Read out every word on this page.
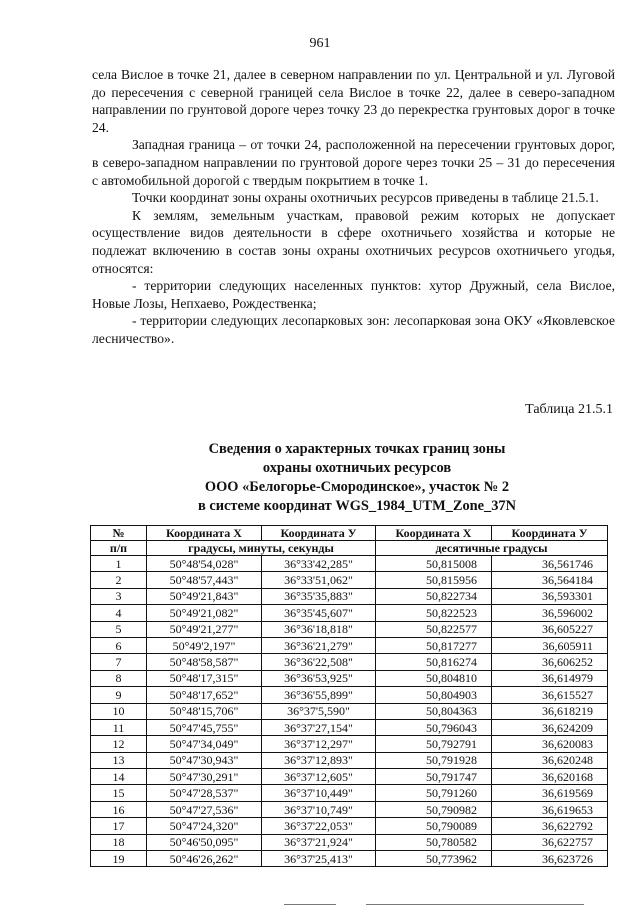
961

села Вислое в точке 21, далее в северном направлении по ул. Центральной и ул. Луговой до пересечения с северной границей села Вислое в точке 22, далее в северо-западном направлении по грунтовой дороге через точку 23 до перекрестка грунтовых дорог в точке 24.

Западная граница – от точки 24, расположенной на пересечении грунтовых дорог, в северо-западном направлении по грунтовой дороге через точки 25 – 31 до пересечения с автомобильной дорогой с твердым покрытием в точке 1.

Точки координат зоны охраны охотничьих ресурсов приведены в таблице 21.5.1.

К землям, земельным участкам, правовой режим которых не допускает осуществление видов деятельности в сфере охотничьего хозяйства и которые не подлежат включению в состав зоны охраны охотничьих ресурсов охотничьего угодья, относятся:

- территории следующих населенных пунктов: хутор Дружный, села Вислое, Новые Лозы, Непхаево, Рождественка;

- территории следующих лесопарковых зон: лесопарковая зона ОКУ «Яковлевское лесничество».

Таблица 21.5.1
Сведения о характерных точках границ зоны
охраны охотничьих ресурсов
ООО «Белогорье-Смородинское», участок № 2
в системе координат WGS_1984_UTM_Zone_37N
№	Координата Х	Координата У	Координата Х	Координата У
п/п	градусы, минуты, секунды		десятичные градусы	
1	50°48'54,028"	36°33'42,285"	50,815008	36,561746
2	50°48'57,443"	36°33'51,062"	50,815956	36,564184
3	50°49'21,843"	36°35'35,883"	50,822734	36,593301
4	50°49'21,082"	36°35'45,607"	50,822523	36,596002
5	50°49'21,277"	36°36'18,818"	50,822577	36,605227
6	50°49'2,197"	36°36'21,279"	50,817277	36,605911
7	50°48'58,587"	36°36'22,508"	50,816274	36,606252
8	50°48'17,315"	36°36'53,925"	50,804810	36,614979
9	50°48'17,652"	36°36'55,899"	50,804903	36,615527
10	50°48'15,706"	36°37'5,590"	50,804363	36,618219
11	50°47'45,755"	36°37'27,154"	50,796043	36,624209
12	50°47'34,049"	36°37'12,297"	50,792791	36,620083
13	50°47'30,943"	36°37'12,893"	50,791928	36,620248
14	50°47'30,291"	36°37'12,605"	50,791747	36,620168
15	50°47'28,537"	36°37'10,449"	50,791260	36,619569
16	50°47'27,536"	36°37'10,749"	50,790982	36,619653
17	50°47'24,320"	36°37'22,053"	50,790089	36,622792
18	50°46'50,095"	36°37'21,924"	50,780582	36,622757
19	50°46'26,262"	36°37'25,413"	50,773962	36,623726
